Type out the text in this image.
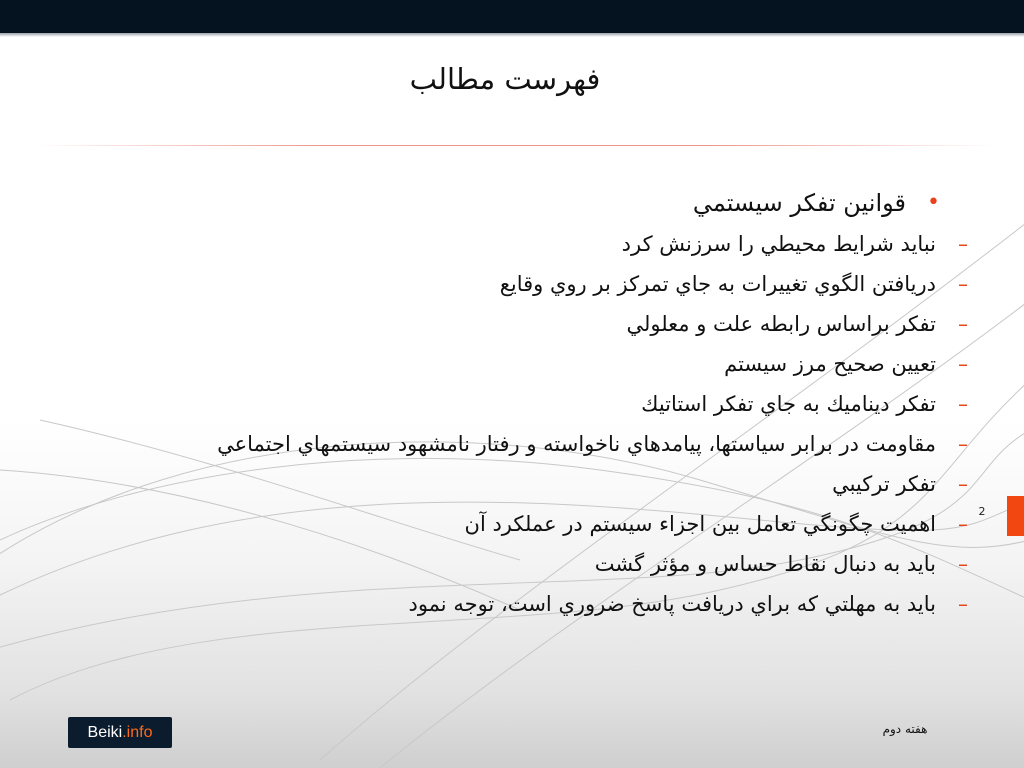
فهرست مطالب
•
قوانين تفکر سيستمي
–
نبايد شرايط محيطي را سرزنش کرد
–
دريافتن الگوي تغييرات به جاي تمرکز بر روي وقايع
–
تفکر براساس رابطه علت و معلولي
–
تعيين صحيح مرز سيستم
–
تفکر ديناميك به جاي تفکر استاتيك
–
مقاومت در برابر سياستها، پيامدهاي ناخواسته و رفتار نامشهود سيستمهاي اجتماعي
–
تفکر ترکيبي
–
اهميت چگونگي تعامل بين اجزاء سيستم در عملکرد آن
–
بايد به دنبال نقاط حساس و مؤثر گشت
–
بايد به مهلتي که براي دريافت پاسخ ضروري است، توجه نمود
2
هفته دوم
Beiki.info
